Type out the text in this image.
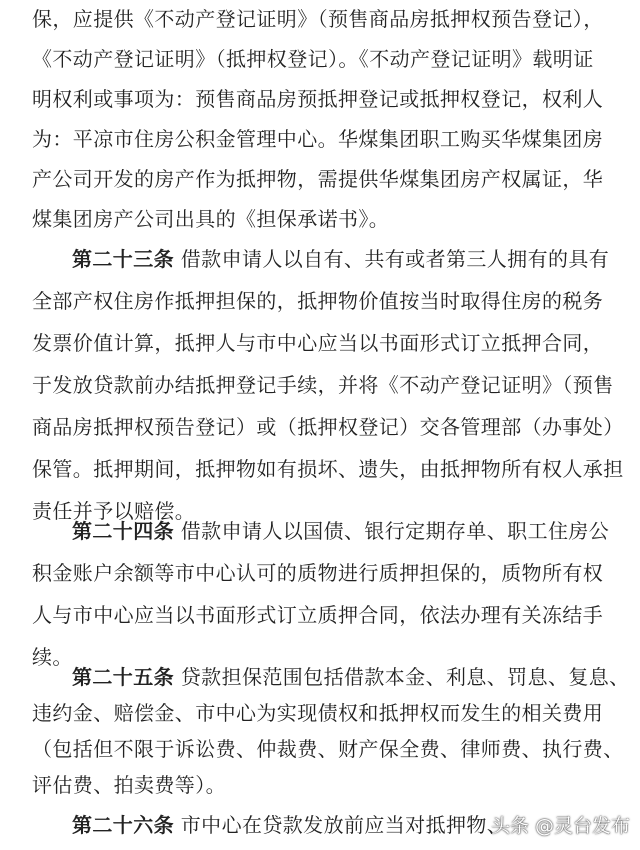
保，应提供《不动产登记证明》（预售商品房抵押权预告登记），
《不动产登记证明》（抵押权登记）。《不动产登记证明》载明证
明权利或事项为：预售商品房预抵押登记或抵押权登记，权利人
为：平凉市住房公积金管理中心。华煤集团职工购买华煤集团房
产公司开发的房产作为抵押物，需提供华煤集团房产权属证，华
煤集团房产公司出具的《担保承诺书》。
第二十三条 借款申请人以自有、共有或者第三人拥有的具有
全部产权住房作抵押担保的，抵押物价值按当时取得住房的税务
发票价值计算，抵押人与市中心应当以书面形式订立抵押合同，
于发放贷款前办结抵押登记手续，并将《不动产登记证明》（预售
商品房抵押权预告登记）或（抵押权登记）交各管理部（办事处）
保管。抵押期间，抵押物如有损坏、遗失，由抵押物所有权人承担
责任并予以赔偿。
第二十四条 借款申请人以国债、银行定期存单、职工住房公
积金账户余额等市中心认可的质物进行质押担保的，质物所有权
人与市中心应当以书面形式订立质押合同，依法办理有关冻结手
续。
第二十五条 贷款担保范围包括借款本金、利息、罚息、复息、
违约金、赔偿金、市中心为实现债权和抵押权而发生的相关费用
（包括但不限于诉讼费、仲裁费、财产保全费、律师费、执行费、
评估费、拍卖费等）。
第二十六条 市中心在贷款发放前应当对抵押物、
头条 @灵台发布
